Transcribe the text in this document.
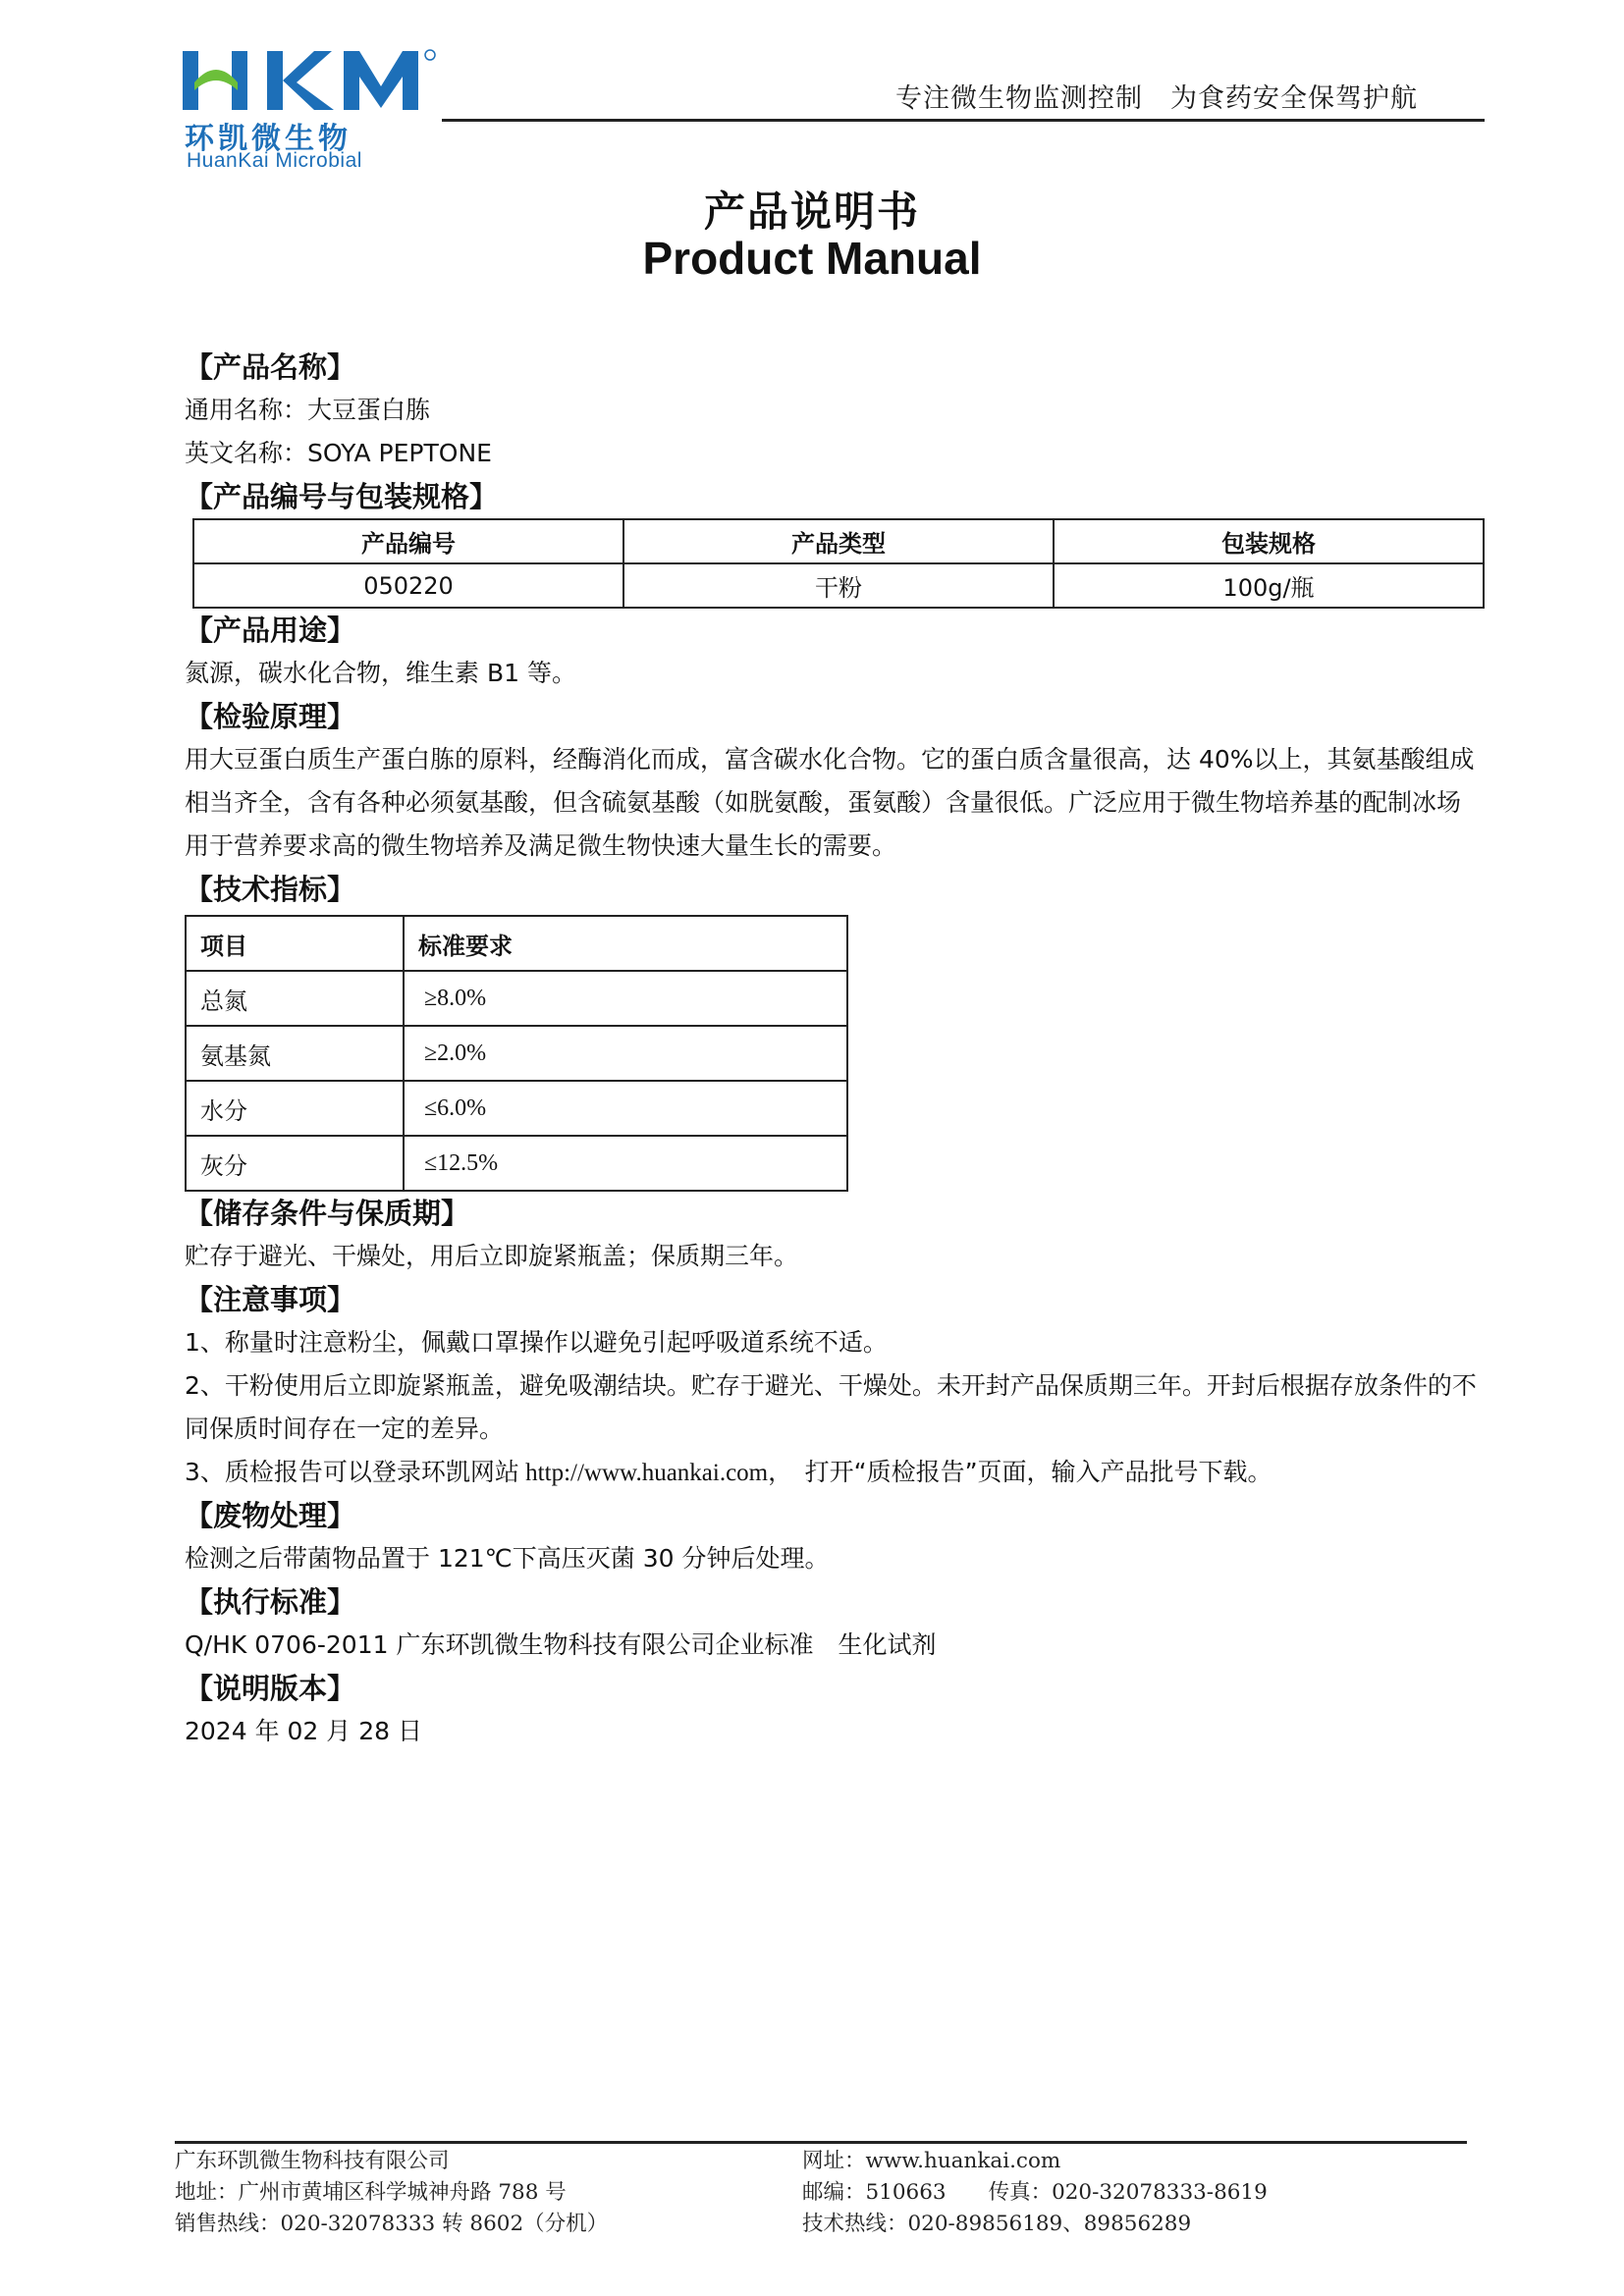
环凯微生物
HuanKai Microbial
专注微生物监测控制　为食药安全保驾护航
产品说明书
Product Manual
【产品名称】
通用名称：大豆蛋白胨
英文名称：SOYA PEPTONE
【产品编号与包装规格】
产品编号	产品类型	包装规格
050220	干粉	100g/瓶
【产品用途】
氮源，碳水化合物，维生素 B1 等。
【检验原理】
用大豆蛋白质生产蛋白胨的原料，经酶消化而成，富含碳水化合物。它的蛋白质含量很高，达 40%以上，其氨基酸组成
相当齐全，含有各种必须氨基酸，但含硫氨基酸（如胱氨酸，蛋氨酸）含量很低。广泛应用于微生物培养基的配制冰场
用于营养要求高的微生物培养及满足微生物快速大量生长的需要。
【技术指标】
项目	标准要求
总氮	≥8.0%
氨基氮	≥2.0%
水分	≤6.0%
灰分	≤12.5%
【储存条件与保质期】
贮存于避光、干燥处，用后立即旋紧瓶盖；保质期三年。
【注意事项】
1、称量时注意粉尘，佩戴口罩操作以避免引起呼吸道系统不适。
2、干粉使用后立即旋紧瓶盖，避免吸潮结块。贮存于避光、干燥处。未开封产品保质期三年。开封后根据存放条件的不
同保质时间存在一定的差异。
3、质检报告可以登录环凯网站 http://www.huankai.com，　打开“质检报告”页面，输入产品批号下载。
【废物处理】
检测之后带菌物品置于 121℃下高压灭菌 30 分钟后处理。
【执行标准】
Q/HK 0706-2011 广东环凯微生物科技有限公司企业标准　生化试剂
【说明版本】
2024 年 02 月 28 日
广东环凯微生物科技有限公司
地址：广州市黄埔区科学城神舟路 788 号
销售热线：020-32078333 转 8602（分机）
网址：www.huankai.com
邮编：510663　　传真：020-32078333-8619
技术热线：020-89856189、89856289
